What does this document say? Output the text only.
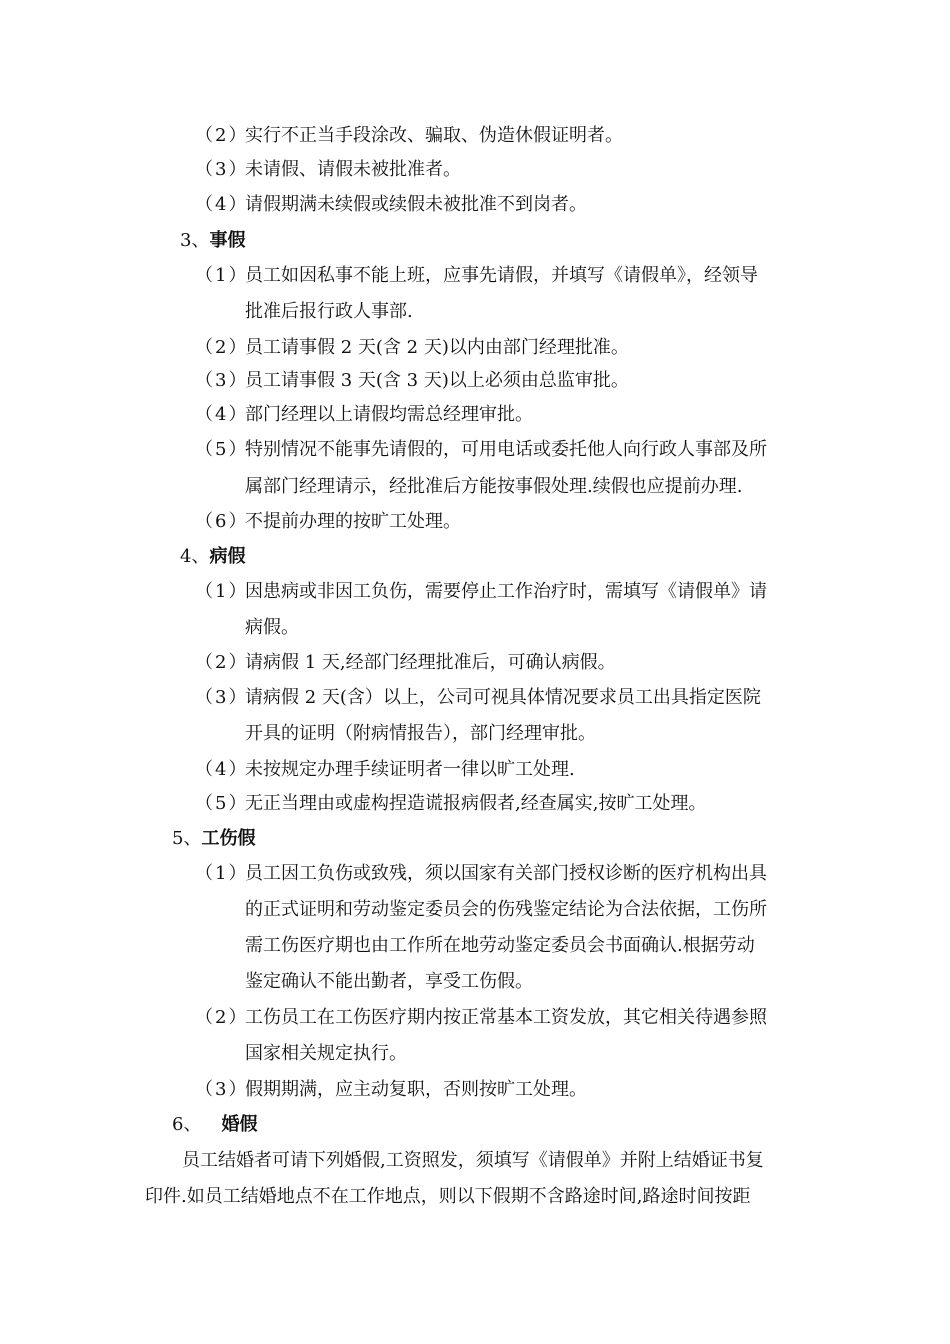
（2）
实行不正当手段涂改、骗取、伪造休假证明者。
（3）
未请假、请假未被批准者。
（4）
请假期满未续假或续假未被批准不到岗者。
3、事假
（1）
员工如因私事不能上班，应事先请假，并填写《请假单》，经领导
批准后报行政人事部.
（2）
员工请事假 2 天(含 2 天)以内由部门经理批准。
（3）
员工请事假 3 天(含 3 天)以上必须由总监审批。
（4）
部门经理以上请假均需总经理审批。
（5）
特别情况不能事先请假的，可用电话或委托他人向行政人事部及所
属部门经理请示，经批准后方能按事假处理.续假也应提前办理.
（6）
不提前办理的按旷工处理。
4、病假
（1）
因患病或非因工负伤，需要停止工作治疗时，需填写《请假单》请
病假。
（2）
请病假 1 天,经部门经理批准后，可确认病假。
（3）
请病假 2 天(含）以上，公司可视具体情况要求员工出具指定医院
开具的证明（附病情报告），部门经理审批。
（4）
未按规定办理手续证明者一律以旷工处理.
（5）
无正当理由或虚构捏造谎报病假者,经查属实,按旷工处理。
5、工伤假
（1）
员工因工负伤或致残，须以国家有关部门授权诊断的医疗机构出具
的正式证明和劳动鉴定委员会的伤残鉴定结论为合法依据，工伤所
需工伤医疗期也由工作所在地劳动鉴定委员会书面确认.根据劳动
鉴定确认不能出勤者，享受工伤假。
（2）
工伤员工在工伤医疗期内按正常基本工资发放，其它相关待遇参照
国家相关规定执行。
（3）
假期期满，应主动复职，否则按旷工处理。
6、 婚假
员工结婚者可请下列婚假,工资照发，须填写《请假单》并附上结婚证书复
印件.如员工结婚地点不在工作地点，则以下假期不含路途时间,路途时间按距
